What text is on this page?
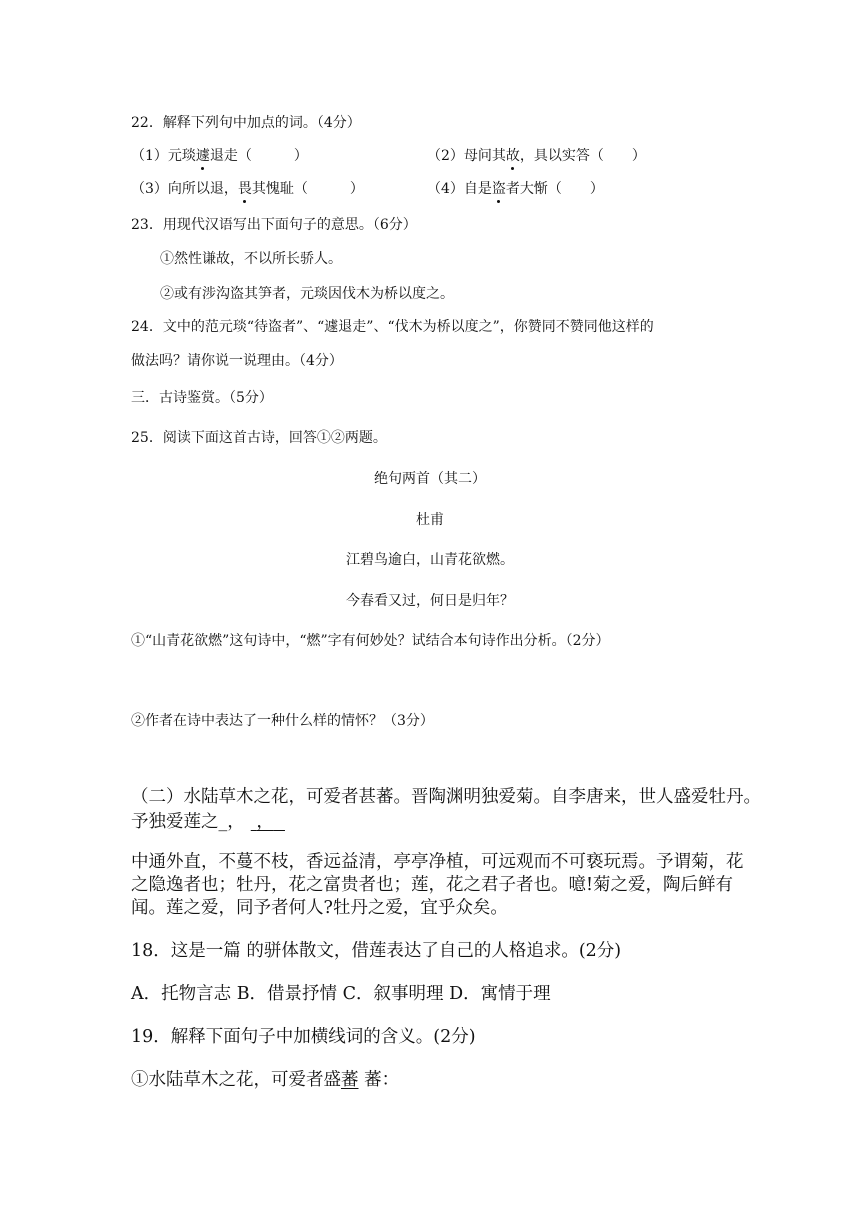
22．解释下列句中加点的词。（4分）
（1）元琰遽退走（　　　）	（2）母问其故，具以实答（　　）
（3）向所以退，畏其愧耻（　　　）	（4）自是盗者大惭（　　）
23．用现代汉语写出下面句子的意思。（6分）
①然性谦故，不以所长骄人。
②或有涉沟盗其笋者，元琰因伐木为桥以度之。
24．文中的范元琰“待盗者”、“遽退走”、“伐木为桥以度之”，你赞同不赞同他这样的
做法吗？请你说一说理由。（4分）
三．古诗鉴赏。（5分）
25．阅读下面这首古诗，回答①②两题。
绝句两首（其二）
杜甫
江碧鸟逾白，山青花欲燃。
今春看又过，何日是归年？
①“山青花欲燃”这句诗中，“燃”字有何妙处？试结合本句诗作出分析。（2分）
②作者在诗中表达了一种什么样的情怀？（3分）
（二）水陆草木之花，可爱者甚蕃。晋陶渊明独爱菊。自李唐来，世人盛爱牡丹。
予独爱莲之_， ，
中通外直，不蔓不枝，香远益清，亭亭净植，可远观而不可亵玩焉。予谓菊，花
之隐逸者也；牡丹，花之富贵者也；莲，花之君子者也。噫!菊之爱，陶后鲜有
闻。莲之爱，同予者何人?牡丹之爱，宜乎众矣。
18．这是一篇 的骈体散文，借莲表达了自己的人格追求。(2分)
A．托物言志 B．借景抒情 C．叙事明理 D．寓情于理
19．解释下面句子中加横线词的含义。(2分)
①水陆草木之花，可爱者盛蕃 蕃：
